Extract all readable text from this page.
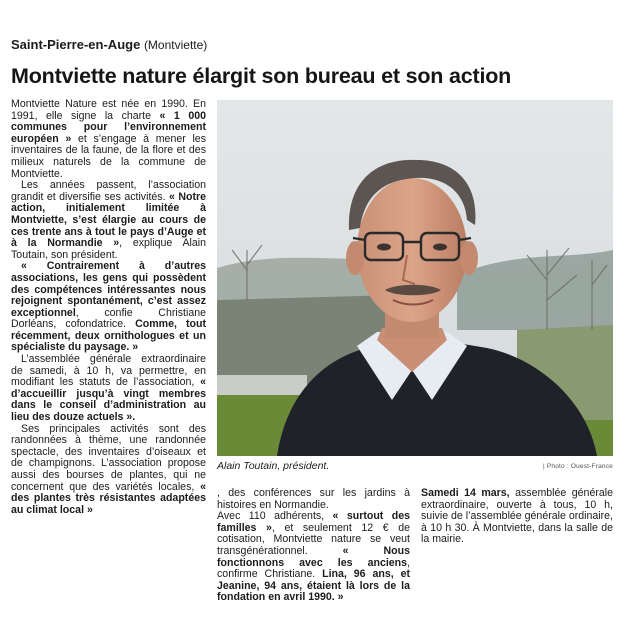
Saint-Pierre-en-Auge (Montviette)
Montviette nature élargit son bureau et son action

Montviette Nature est née en 1990. En 1991, elle signe la charte « 1 000 communes pour l’environnement européen » et s’engage à mener les inventaires de la faune, de la flore et des milieux naturels de la commune de Montviette.

Les années passent, l’association grandit et diversifie ses activités. « Notre action, initialement limitée à Montviette, s’est élargie au cours de ces trente ans à tout le pays d’Auge et à la Normandie », explique Alain Toutain, son président.

« Contrairement à d’autres associations, les gens qui possèdent des compétences intéressantes nous rejoignent spontanément, c’est assez exceptionnel, confie Christiane Dorléans, cofondatrice. Comme, tout récemment, deux ornithologues et un spécialiste du paysage. »

L’assemblée générale extraordinaire de samedi, à 10 h, va permettre, en modifiant les statuts de l’association, « d’accueillir jusqu’à vingt membres dans le conseil d’administration au lieu des douze actuels ».

Ses principales activités sont des randonnées à thème, une randonnée spectacle, des inventaires d’oiseaux et de champignons. L’association propose aussi des bourses de plantes, qui ne concernent que des variétés locales, « des plantes très résistantes adaptées au climat local »

Alain Toutain, président.	| Photo : Ouest-France

, des conférences sur les jardins à histoires en Normandie.

Avec 110 adhérents, « surtout des familles », et seulement 12 € de cotisation, Montviette nature se veut transgénérationnel. « Nous fonctionnons avec les anciens, confirme Christiane. Lina, 96 ans, et Jeanine, 94 ans, étaient là lors de la fondation en avril 1990. »

Samedi 14 mars, assemblée générale extraordinaire, ouverte à tous, 10 h, suivie de l’assemblée générale ordinaire, à 10 h 30. À Montviette, dans la salle de la mairie.
